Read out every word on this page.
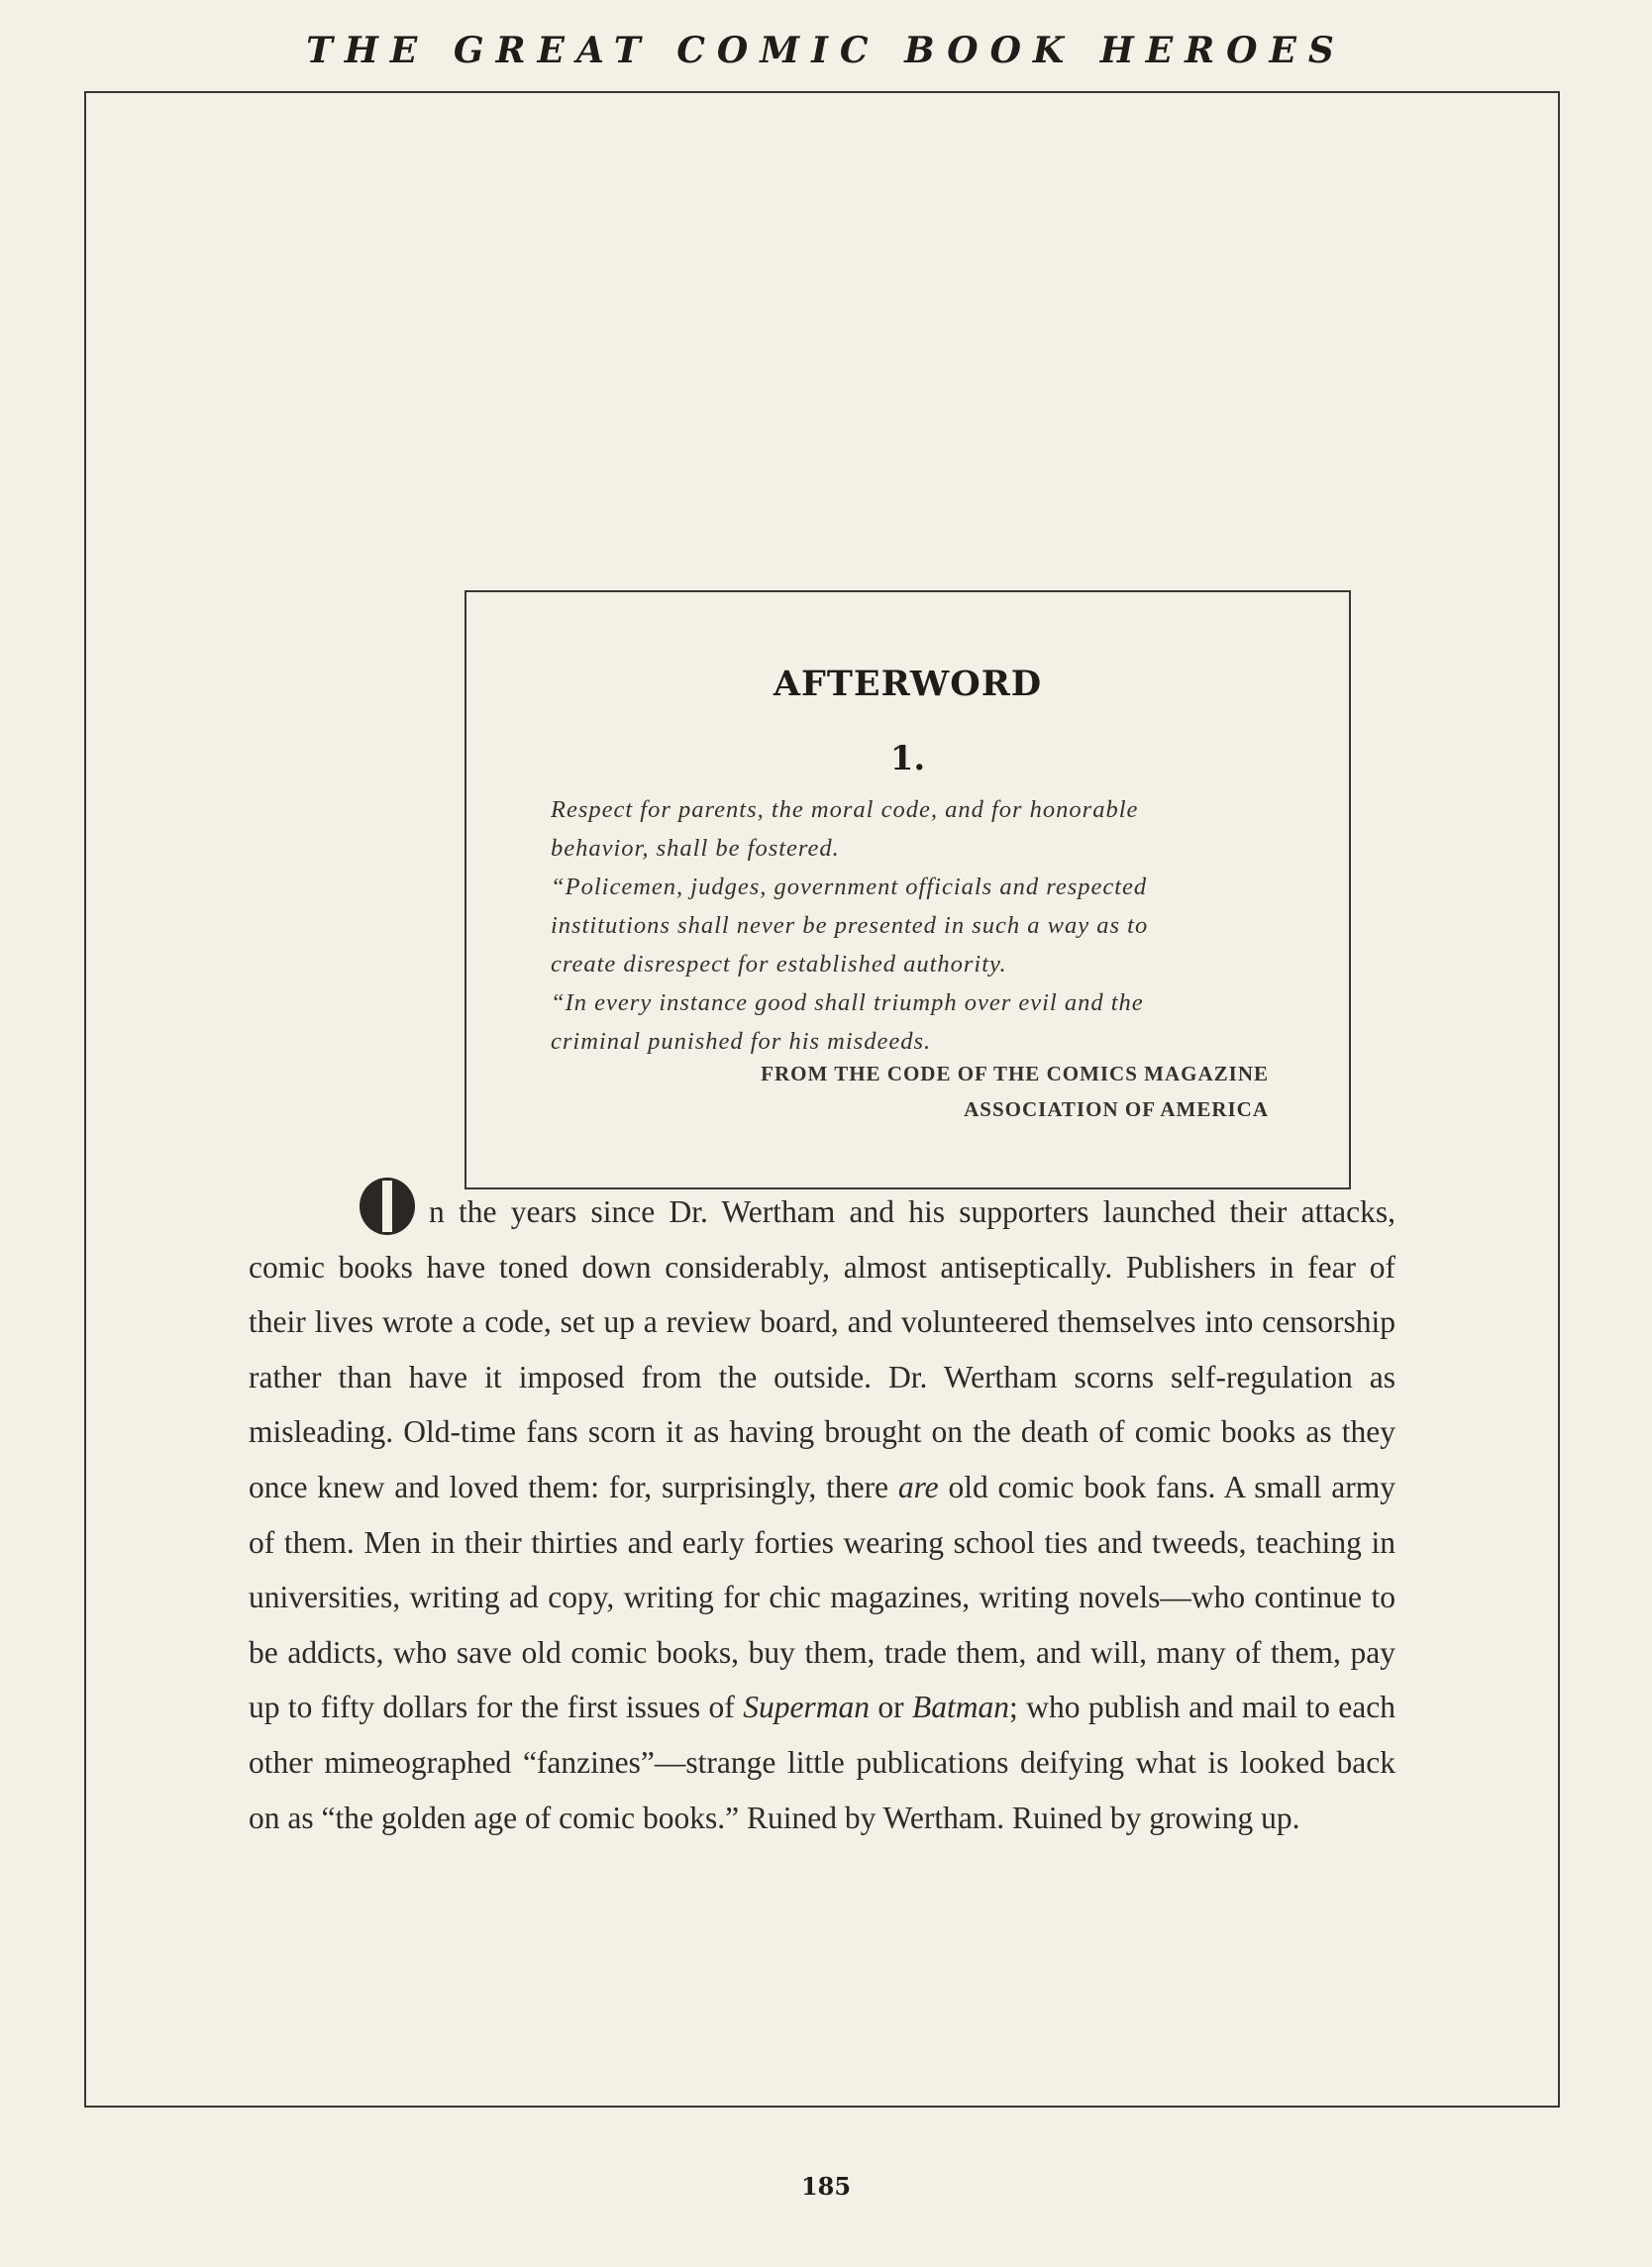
THE GREAT COMIC BOOK HEROES
AFTERWORD
1.

Respect for parents, the moral code, and for honorable

behavior, shall be fostered.

“Policemen, judges, government officials and respected

institutions shall never be presented in such a way as to

create disrespect for established authority.

“In every instance good shall triumph over evil and the

criminal punished for his misdeeds.

FROM THE CODE OF THE COMICS MAGAZINE
ASSOCIATION OF AMERICA

n the years since Dr. Wertham and his supporters launched their attacks, comic books have toned down considerably, almost antiseptically. Publishers in fear of their lives wrote a code, set up a review board, and volunteered themselves into censorship rather than have it imposed from the outside. Dr. Wertham scorns self-regulation as misleading. Old-time fans scorn it as having brought on the death of comic books as they once knew and loved them: for, surprisingly, there are old comic book fans. A small army of them. Men in their thirties and early forties wearing school ties and tweeds, teaching in universities, writing ad copy, writing for chic magazines, writing novels—who continue to be addicts, who save old comic books, buy them, trade them, and will, many of them, pay up to fifty dollars for the first issues of Superman or Batman; who publish and mail to each other mimeographed “fanzines”—strange little publications deifying what is looked back on as “the golden age of comic books.” Ruined by Wertham. Ruined by growing up.

185
